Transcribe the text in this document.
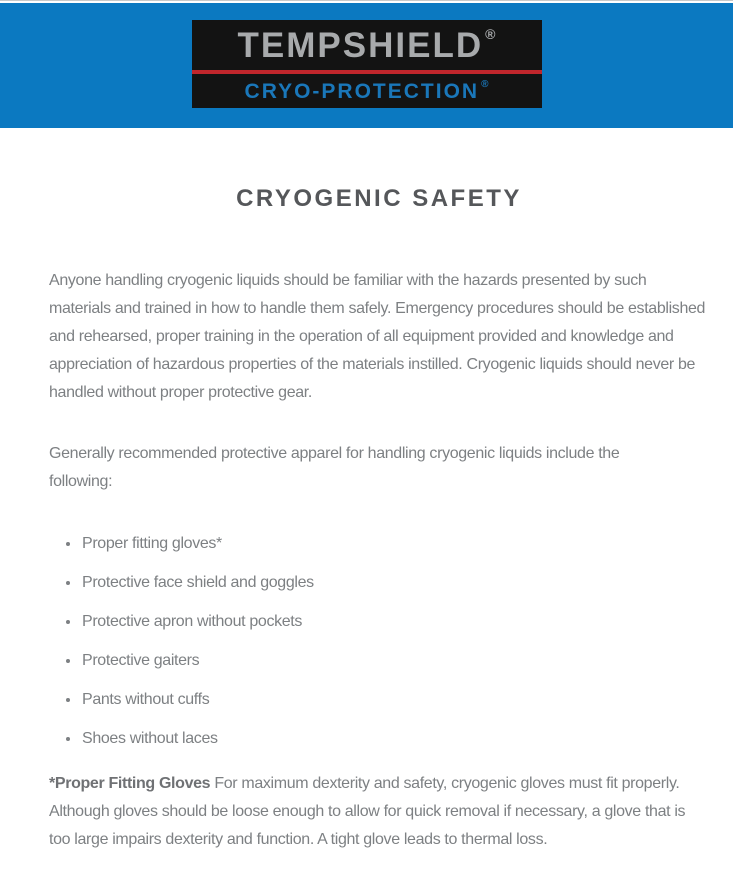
TEMPSHIELD ®
CRYO-PROTECTION ®
CRYOGENIC SAFETY

Anyone handling cryogenic liquids should be familiar with the hazards presented by such materials and trained in how to handle them safely. Emergency procedures should be established and rehearsed, proper training in the operation of all equipment provided and knowledge and appreciation of hazardous properties of the materials instilled. Cryogenic liquids should never be handled without proper protective gear.

Generally recommended protective apparel for handling cryogenic liquids include the following:

• Proper fitting gloves*
• Protective face shield and goggles
• Protective apron without pockets
• Protective gaiters
• Pants without cuffs
• Shoes without laces

*Proper Fitting Gloves For maximum dexterity and safety, cryogenic gloves must fit properly. Although gloves should be loose enough to allow for quick removal if necessary, a glove that is too large impairs dexterity and function. A tight glove leads to thermal loss.
